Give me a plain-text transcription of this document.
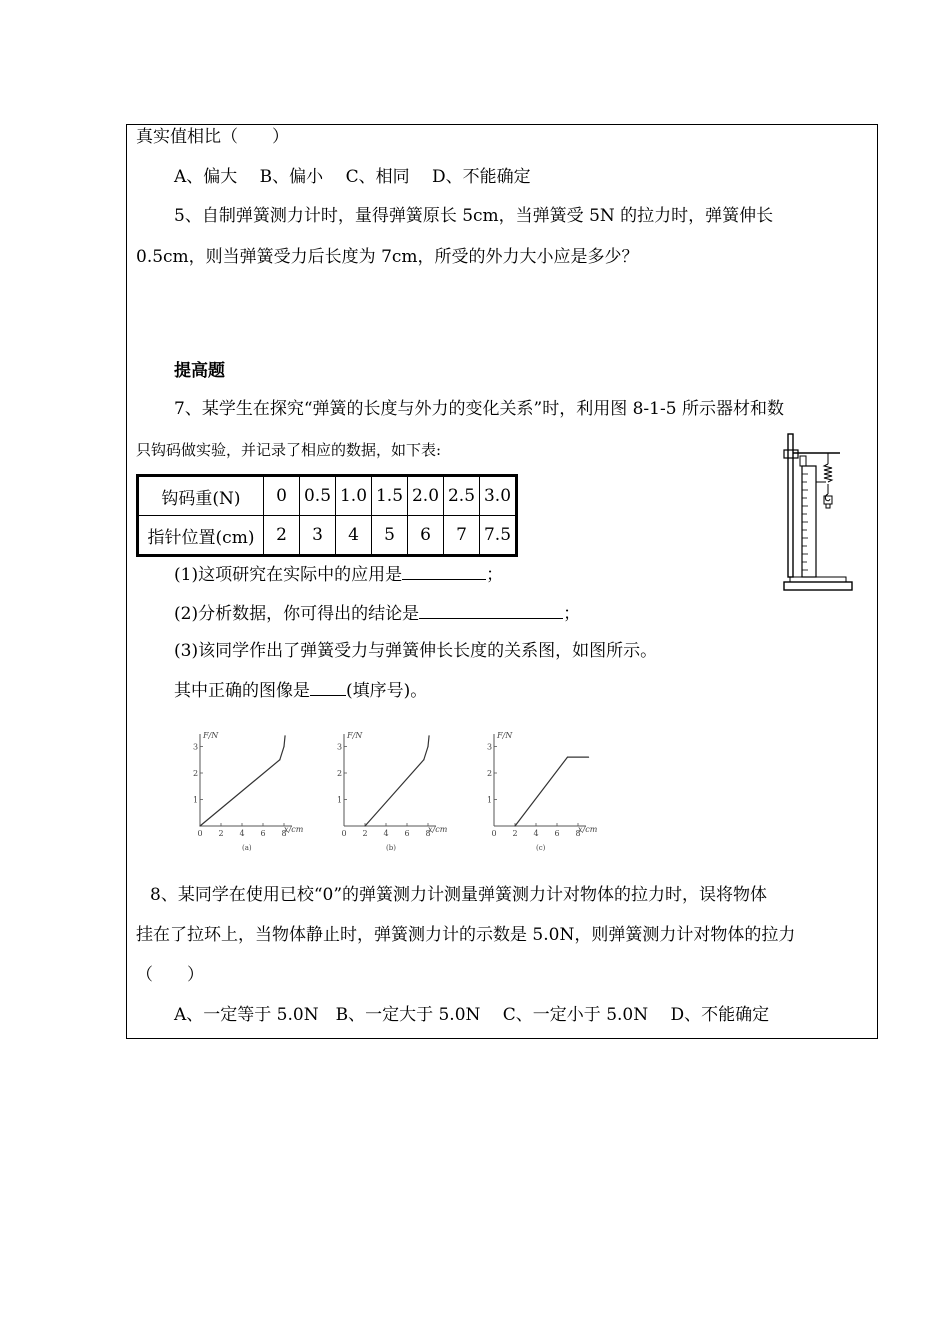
真实值相比（　　）
A、偏大　 B、偏小　 C、相同　 D、不能确定
5、自制弹簧测力计时，量得弹簧原长 5cm，当弹簧受 5N 的拉力时，弹簧伸长
0.5cm，则当弹簧受力后长度为 7cm，所受的外力大小应是多少？
提高题
7、某学生在探究“弹簧的长度与外力的变化关系”时，利用图 8-1-5 所示器材和数
只钩码做实验，并记录了相应的数据，如下表:
钩码重(N)	0	0.5	1.0	1.5	2.0	2.5	3.0
指针位置(cm)	2	3	4	5	6	7	7.5
(1)这项研究在实际中的应用是	；
(2)分析数据，你可得出的结论是	；
(3)该同学作出了弹簧受力与弹簧伸长长度的关系图，如图所示。
其中正确的图像是 (填序号)。
F/N
x/cm
1
2
3
0 2 4 6 8
(a)
F/N
x/cm
1
2
3
0 2 4 6 8
(b)
F/N
x/cm
1
2
3
0 2 4 6 8
(c)
8、某同学在使用已校“0”的弹簧测力计测量弹簧测力计对物体的拉力时，误将物体
挂在了拉环上，当物体静止时，弹簧测力计的示数是 5.0N，则弹簧测力计对物体的拉力
（　　）
A、一定等于 5.0N　B、一定大于 5.0N　 C、一定小于 5.0N　 D、不能确定
